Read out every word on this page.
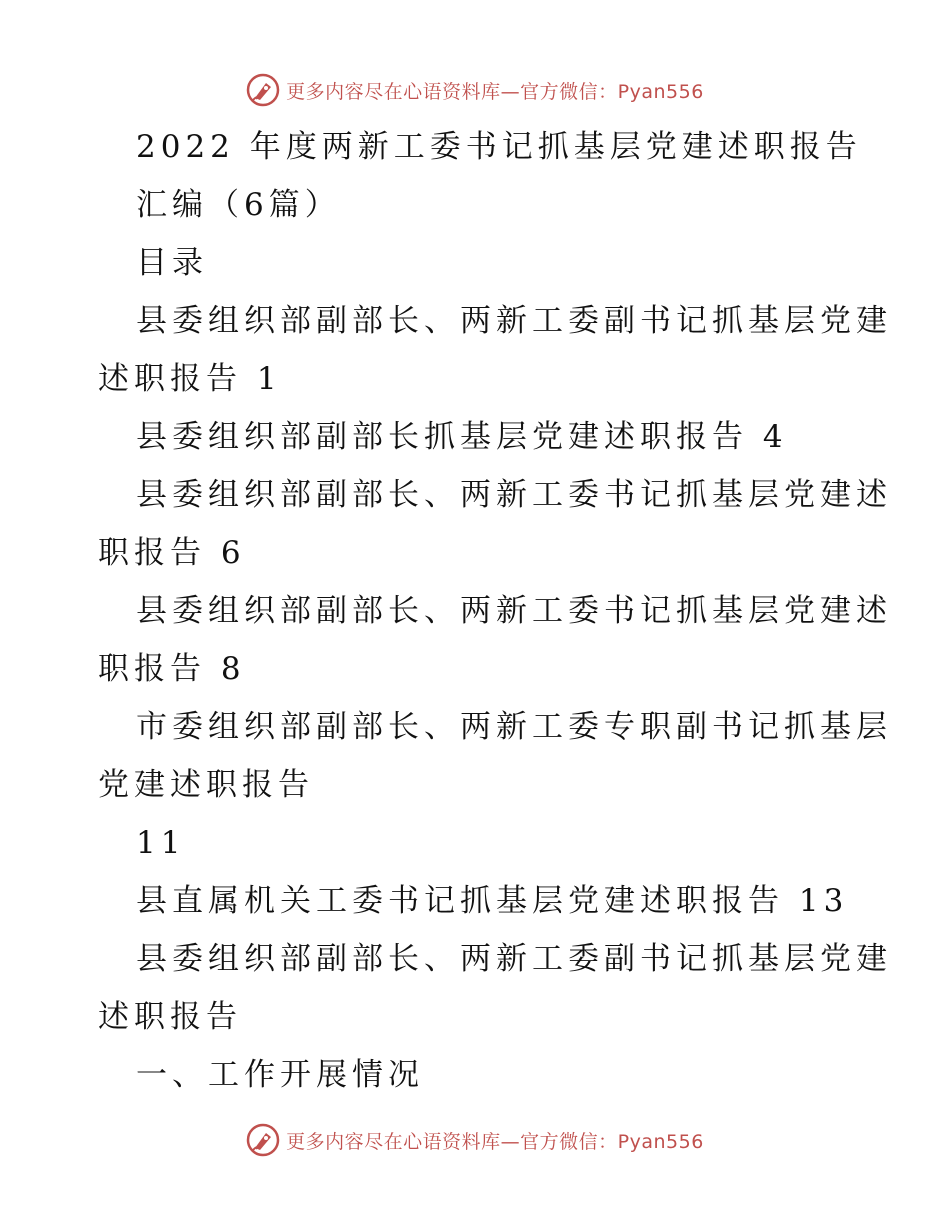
更多内容尽在心语资料库—官方微信：Pyan556
2022 年度两新工委书记抓基层党建述职报告
汇编（6篇）
目录
县委组织部副部长、两新工委副书记抓基层党建
述职报告 1
县委组织部副部长抓基层党建述职报告 4
县委组织部副部长、两新工委书记抓基层党建述
职报告 6
县委组织部副部长、两新工委书记抓基层党建述
职报告 8
市委组织部副部长、两新工委专职副书记抓基层
党建述职报告
11
县直属机关工委书记抓基层党建述职报告 13
县委组织部副部长、两新工委副书记抓基层党建
述职报告
一、工作开展情况
更多内容尽在心语资料库—官方微信：Pyan556
